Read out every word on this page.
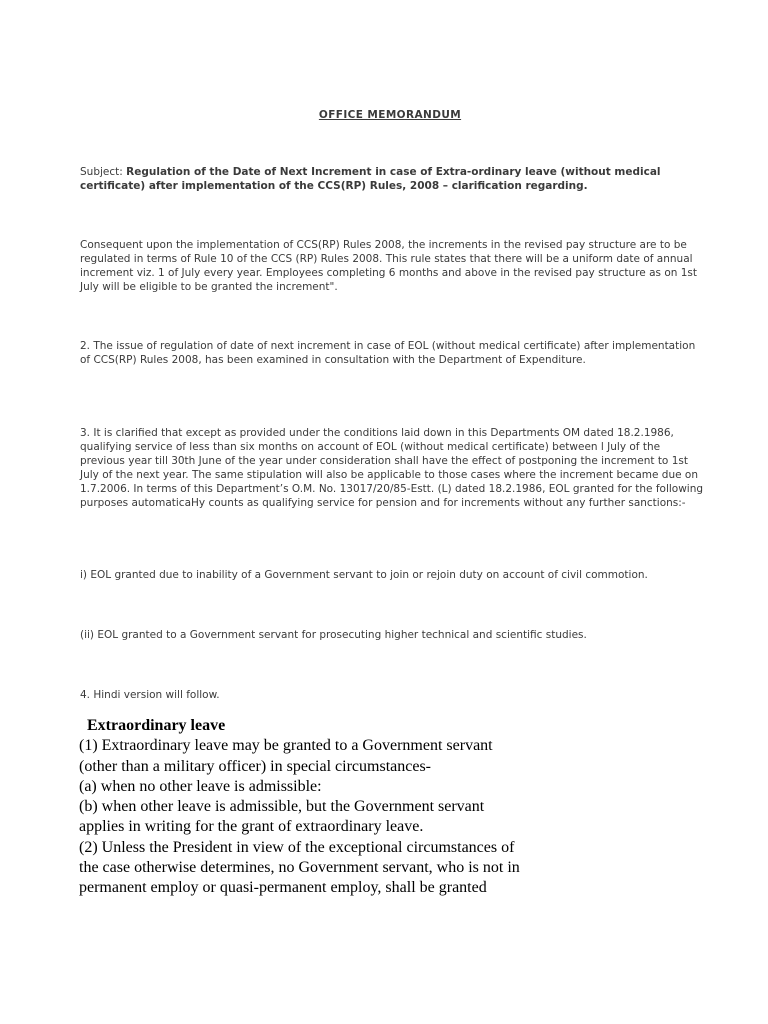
OFFICE MEMORANDUM
Subject: Regulation of the Date of Next Increment in case of Extra-ordinary leave (without medical certificate) after implementation of the CCS(RP) Rules, 2008 – clarification regarding.
Consequent upon the implementation of CCS(RP) Rules 2008, the increments in the revised pay structure are to be regulated in terms of Rule 10 of the CCS (RP) Rules 2008. This rule states that there will be a uniform date of annual increment viz. 1 of July every year. Employees completing 6 months and above in the revised pay structure as on 1st July will be eligible to be granted the increment".
2. The issue of regulation of date of next increment in case of EOL (without medical certificate) after implementation of CCS(RP) Rules 2008, has been examined in consultation with the Department of Expenditure.
3. It is clarified that except as provided under the conditions laid down in this Departments OM dated 18.2.1986, qualifying service of less than six months on account of EOL (without medical certificate) between l July of the previous year till 30th June of the year under consideration shall have the effect of postponing the increment to 1st July of the next year. The same stipulation will also be applicable to those cases where the increment became due on 1.7.2006. In terms of this Department’s O.M. No. 13017/20/85-Estt. (L) dated 18.2.1986, EOL granted for the following purposes automaticaHy counts as qualifying service for pension and for increments without any further sanctions:-
i) EOL granted due to inability of a Government servant to join or rejoin duty on account of civil commotion.
(ii) EOL granted to a Government servant for prosecuting higher technical and scientific studies.
4. Hindi version will follow.
Extraordinary leave
(1) Extraordinary leave may be granted to a Government servant
(other than a military officer) in special circumstances-
(a) when no other leave is admissible:
(b) when other leave is admissible, but the Government servant
applies in writing for the grant of extraordinary leave.
(2) Unless the President in view of the exceptional circumstances of
the case otherwise determines, no Government servant, who is not in
permanent employ or quasi-permanent employ, shall be granted
